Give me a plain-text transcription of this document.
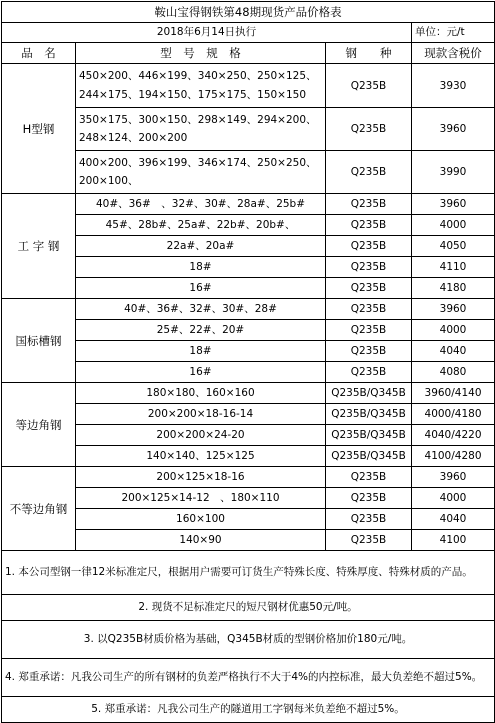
鞍山宝得钢铁第48期现货产品价格表			
2018年6月14日执行			单位：元/t
品　名	型　号　规　格	钢　　种	现款含税价
H型钢	450×200、446×199、340×250、250×125、244×175、194×150、175×175、150×150	Q235B	3930
	350×175、300×150、298×149、294×200、248×124、200×200	Q235B	3960
	400×200、396×199、346×174、250×250、200×100、	Q235B	3990
工 字 钢	40#、36#　、32#、30#、28a#、25b#	Q235B	3960
	45#、28b#、25a#、22b#、20b#、	Q235B	4000
	22a#、20a#	Q235B	4050
	18#	Q235B	4110
	16#	Q235B	4180
国标槽钢	40#、36#、32#、30#、28#	Q235B	3960
	25#、22#、20#	Q235B	4000
	18#	Q235B	4040
	16#	Q235B	4080
等边角钢	180×180、160×160	Q235B/Q345B	3960/4140
	200×200×18-16-14	Q235B/Q345B	4000/4180
	200×200×24-20	Q235B/Q345B	4040/4220
	140×140、125×125	Q235B/Q345B	4100/4280
不等边角钢	200×125×18-16	Q235B	3960
	200×125×14-12　、180×110	Q235B	4000
	160×100	Q235B	4040
	140×90	Q235B	4100
1. 本公司型钢一律12米标准定尺，根据用户需要可订货生产特殊长度、特殊厚度、特殊材质的产品。			
2. 现货不足标准定尺的短尺钢材优惠50元/吨。			
3. 以Q235B材质价格为基础，Q345B材质的型钢价格加价180元/吨。			
4. 郑重承诺：凡我公司生产的所有钢材的负差严格执行不大于4%的内控标准，最大负差绝不超过5%。			
5. 郑重承诺：凡我公司生产的隧道用工字钢每米负差绝不超过5%。			
